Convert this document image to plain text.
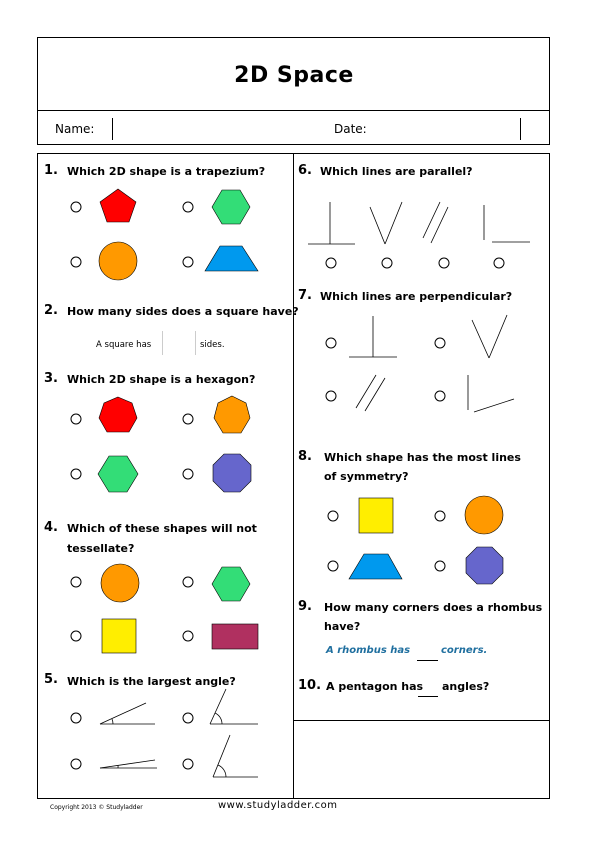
2D Space
Name:	Date:
1. Which 2D shape is a trapezium?
2. How many sides does a square have?
A square has	sides.
3. Which 2D shape is a hexagon?
4. Which of these shapes will not
tessellate?
5. Which is the largest angle?
6. Which lines are parallel?
7. Which lines are perpendicular?
8. Which shape has the most lines
of symmetry?
9. How many corners does a rhombus
have?
A rhombus has	corners.
10. A pentagon has angles?
Copyright 2013 © Studyladder	www.studyladder.com
